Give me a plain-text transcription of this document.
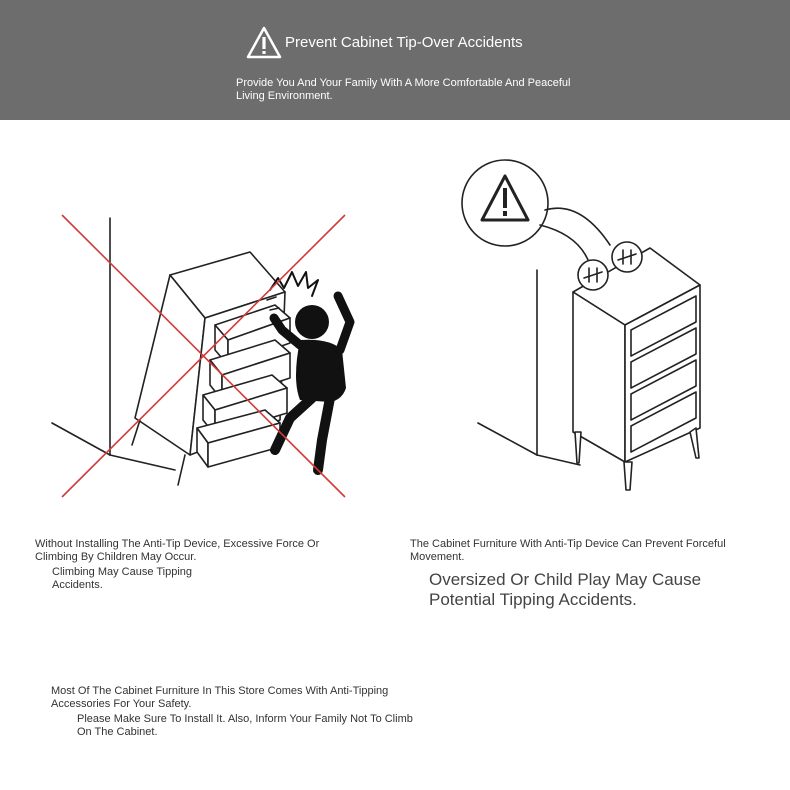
Prevent Cabinet Tip-Over Accidents
Provide You And Your Family With A More Comfortable And Peaceful Living Environment.
Without Installing The Anti-Tip Device, Excessive Force Or Climbing By Children May Occur.
Climbing May Cause Tipping Accidents.
The Cabinet Furniture With Anti-Tip Device Can Prevent Forceful Movement.
Oversized Or Child Play May Cause Potential Tipping Accidents.
Most Of The Cabinet Furniture In This Store Comes With Anti-Tipping Accessories For Your Safety.
Please Make Sure To Install It. Also, Inform Your Family Not To Climb On The Cabinet.
